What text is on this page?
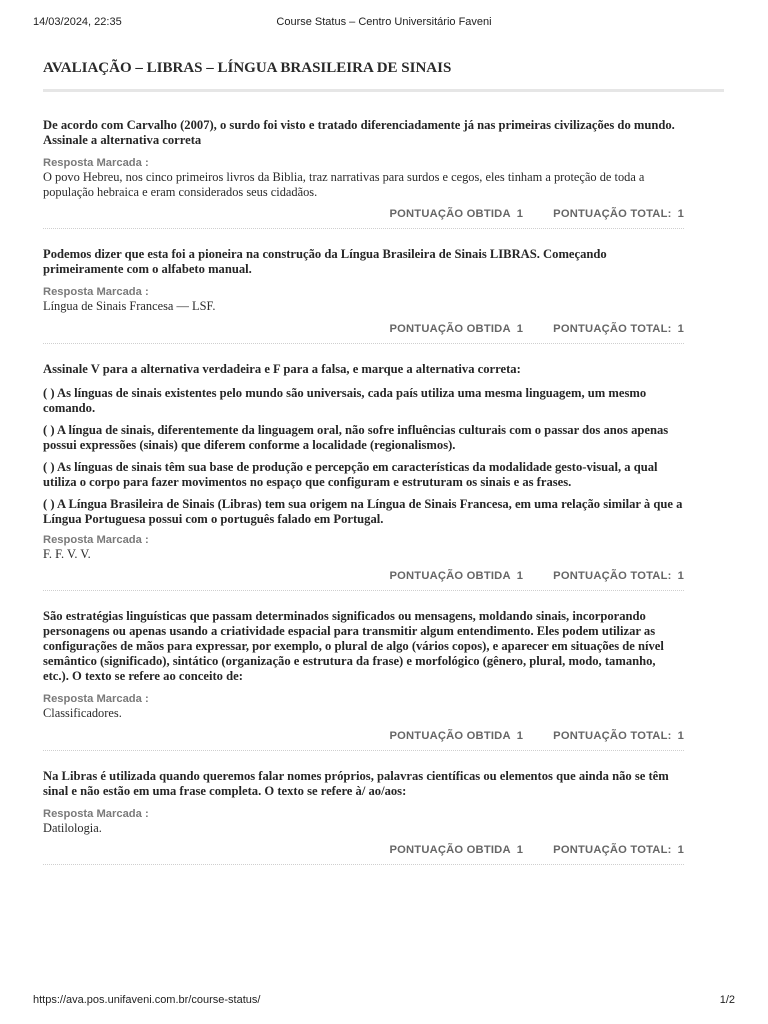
14/03/2024, 22:35	Course Status – Centro Universitário Faveni
AVALIAÇÃO – LIBRAS – LÍNGUA BRASILEIRA DE SINAIS

De acordo com Carvalho (2007), o surdo foi visto e tratado diferenciadamente já nas primeiras civilizações do mundo. Assinale a alternativa correta

Resposta Marcada :
O povo Hebreu, nos cinco primeiros livros da Biblia, traz narrativas para surdos e cegos, eles tinham a proteção de toda a população hebraica e eram considerados seus cidadãos.
PONTUAÇÃO OBTIDA 1	PONTUAÇÃO TOTAL: 1

Podemos dizer que esta foi a pioneira na construção da Língua Brasileira de Sinais LIBRAS. Começando primeiramente com o alfabeto manual.

Resposta Marcada :
Língua de Sinais Francesa — LSF.
PONTUAÇÃO OBTIDA 1	PONTUAÇÃO TOTAL: 1

Assinale V para a alternativa verdadeira e F para a falsa, e marque a alternativa correta:

( ) As línguas de sinais existentes pelo mundo são universais, cada país utiliza uma mesma linguagem, um mesmo comando.

( ) A língua de sinais, diferentemente da linguagem oral, não sofre influências culturais com o passar dos anos apenas possui expressões (sinais) que diferem conforme a localidade (regionalismos).

( ) As línguas de sinais têm sua base de produção e percepção em características da modalidade gesto-visual, a qual utiliza o corpo para fazer movimentos no espaço que configuram e estruturam os sinais e as frases.

( ) A Língua Brasileira de Sinais (Libras) tem sua origem na Língua de Sinais Francesa, em uma relação similar à que a Língua Portuguesa possui com o português falado em Portugal.

Resposta Marcada :
F. F. V. V.
PONTUAÇÃO OBTIDA 1	PONTUAÇÃO TOTAL: 1

São estratégias linguísticas que passam determinados significados ou mensagens, moldando sinais, incorporando personagens ou apenas usando a criatividade espacial para transmitir algum entendimento. Eles podem utilizar as configurações de mãos para expressar, por exemplo, o plural de algo (vários copos), e aparecer em situações de nível semântico (significado), sintático (organização e estrutura da frase) e morfológico (gênero, plural, modo, tamanho, etc.). O texto se refere ao conceito de:

Resposta Marcada :
Classificadores.
PONTUAÇÃO OBTIDA 1	PONTUAÇÃO TOTAL: 1

Na Libras é utilizada quando queremos falar nomes próprios, palavras científicas ou elementos que ainda não se têm sinal e não estão em uma frase completa. O texto se refere à/ ao/aos:

Resposta Marcada :
Datilologia.
PONTUAÇÃO OBTIDA 1	PONTUAÇÃO TOTAL: 1
https://ava.pos.unifaveni.com.br/course-status/	1/2
